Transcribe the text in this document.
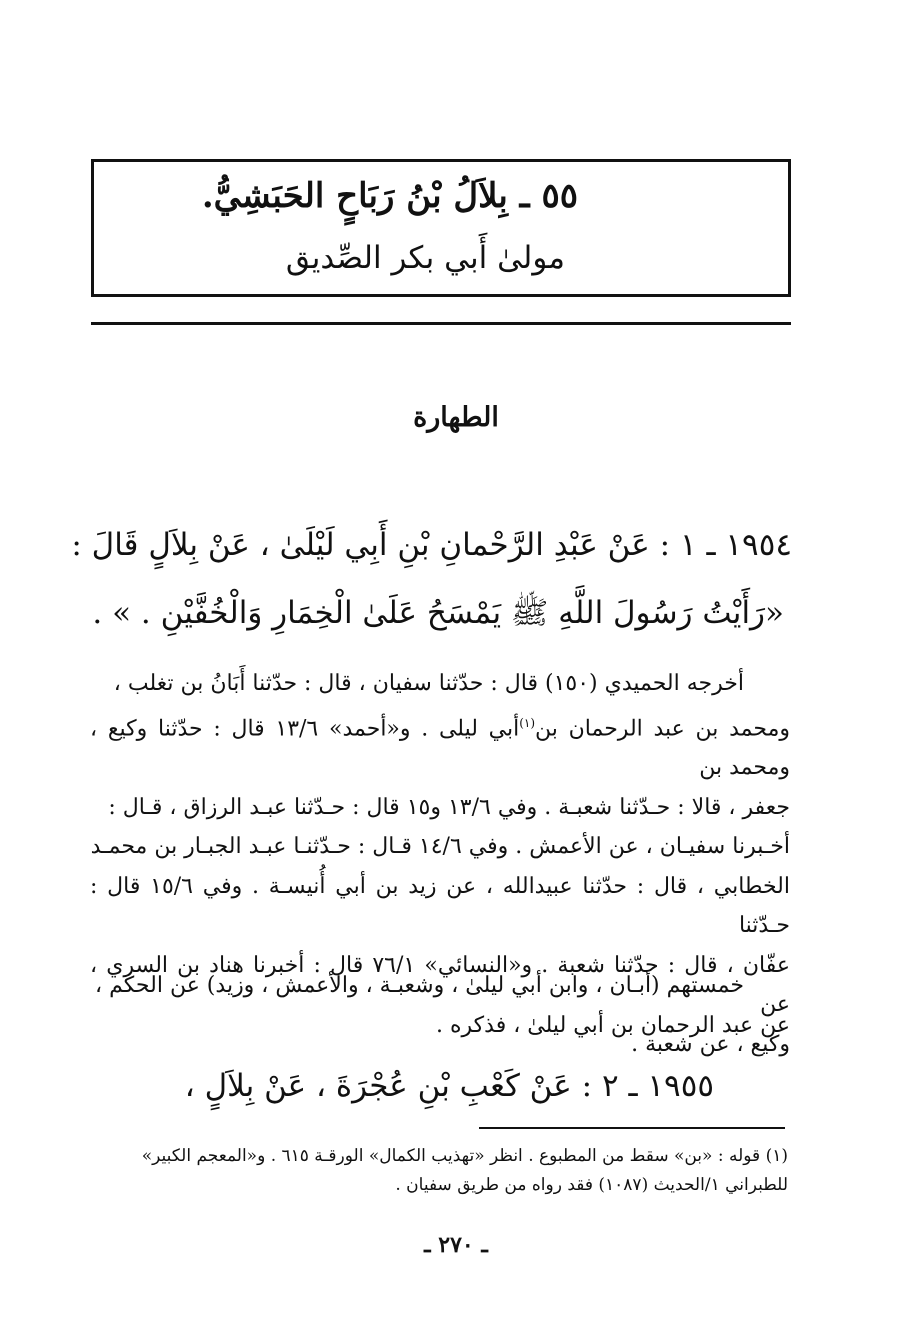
٥٥ ـ بِلاَلُ بْنُ رَبَاحٍ الحَبَشِيُّ.
مولىٰ أَبي بكر الصِّديق
الطهارة
١٩٥٤ ـ ١ : عَنْ عَبْدِ الرَّحْمانِ بْنِ أَبِي لَيْلَىٰ ، عَنْ بِلاَلٍ قَالَ :
«رَأَيْتُ رَسُولَ اللَّهِ ﷺ يَمْسَحُ عَلَىٰ الْخِمَارِ وَالْخُفَّيْنِ . » .
أخرجه الحميدي (١٥٠) قال : حدّثنا سفيان ، قال : حدّثنا أَبَانُ بن تغلب ،
ومحمد بن عبد الرحمان بن$^{(١)}$أبي ليلى . و«أحمد» ١٣/٦ قال : حدّثنا وكيع ، ومحمد بن
جعفر ، قالا : حـدّثنا شعبـة . وفي ١٣/٦ و١٥ قال : حـدّثنا عبـد الرزاق ، قـال :
أخـبرنا سفيـان ، عن الأعمش . وفي ١٤/٦ قـال : حـدّثنـا عبـد الجبـار بن محمـد
الخطابي ، قال : حدّثنا عبيدالله ، عن زيد بن أبي أُنيسـة . وفي ١٥/٦ قال : حـدّثنا
عفّان ، قال : حدّثنا شعبة . و«النسائي» ٧٦/١ قال : أخبرنا هناد بن السري ، عن
وكيع ، عن شعبة .
خمستهم (أبـان ، وابن أبي ليلىٰ ، وشعبـة ، والأعمش ، وزيد) عن الحكم ،
عن عبد الرحمان بن أبي ليلىٰ ، فذكره .
١٩٥٥ ـ ٢ : عَنْ كَعْبِ بْنِ عُجْرَةَ ، عَنْ بِلاَلٍ ،
(١) قوله : «بن» سقط من المطبوع . انظر «تهذيب الكمال» الورقـة ٦١٥ . و«المعجم الكبير»
للطبراني ١/الحديث (١٠٨٧) فقد رواه من طريق سفيان .
ـ ٢٧٠ ـ
